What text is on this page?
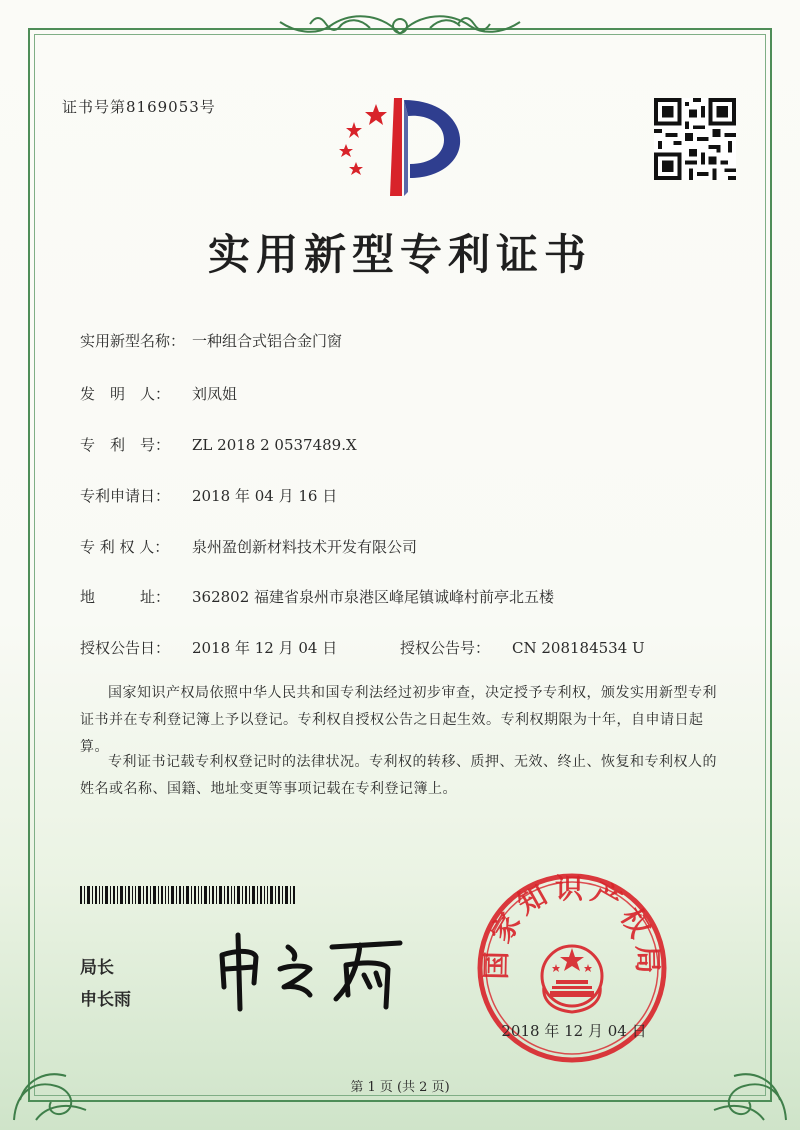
证书号第8169053号
实用新型专利证书
实用新型名称： 一种组合式铝合金门窗
发　明　人： 刘凤姐
专　利　号： ZL 2018 2 0537489.X
专利申请日： 2018 年 04 月 16 日
专 利 权 人： 泉州盈创新材料技术开发有限公司
地　　　址： 362802 福建省泉州市泉港区峰尾镇诚峰村前亭北五楼
授权公告日： 2018 年 12 月 04 日	授权公告号： CN 208184534 U
国家知识产权局依照中华人民共和国专利法经过初步审查，决定授予专利权，颁发实用新型专利证书并在专利登记簿上予以登记。专利权自授权公告之日起生效。专利权期限为十年，自申请日起算。
专利证书记载专利权登记时的法律状况。专利权的转移、质押、无效、终止、恢复和专利权人的姓名或名称、国籍、地址变更等事项记载在专利登记簿上。
局长
申长雨
国家知识产权局
2018 年 12 月 04 日
第 1 页 (共 2 页)
